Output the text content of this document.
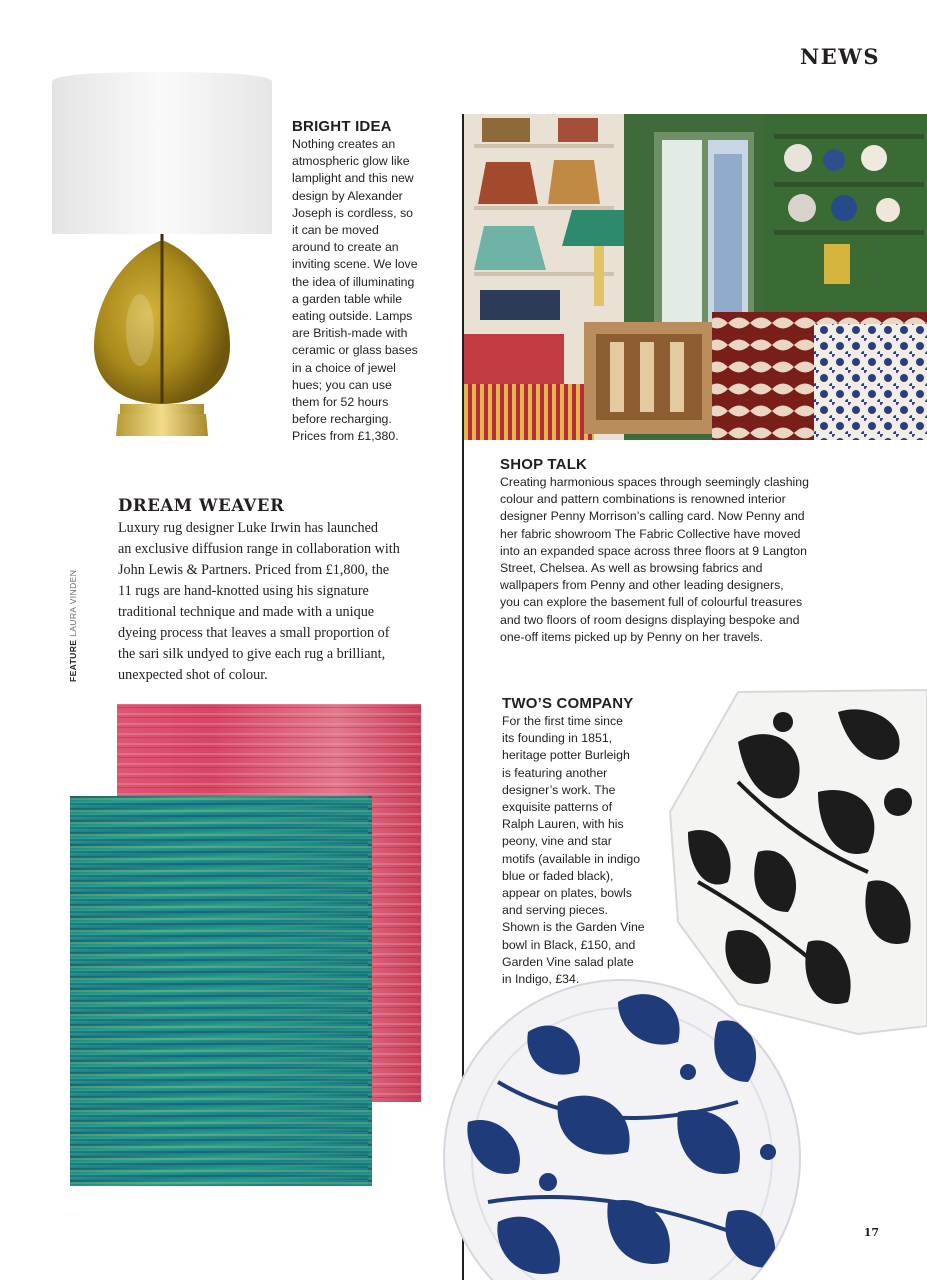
NEWS
FEATURE LAURA VINDEN
BRIGHT IDEA
Nothing creates an
atmospheric glow like
lamplight and this new
design by Alexander
Joseph is cordless, so
it can be moved
around to create an
inviting scene. We love
the idea of illuminating
a garden table while
eating outside. Lamps
are British-made with
ceramic or glass bases
in a choice of jewel
hues; you can use
them for 52 hours
before recharging.
Prices from £1,380.
DREAM WEAVER
Luxury rug designer Luke Irwin has launched
an exclusive diffusion range in collaboration with
John Lewis & Partners. Priced from £1,800, the
11 rugs are hand-knotted using his signature
traditional technique and made with a unique
dyeing process that leaves a small proportion of
the sari silk undyed to give each rug a brilliant,
unexpected shot of colour.
SHOP TALK
Creating harmonious spaces through seemingly clashing
colour and pattern combinations is renowned interior
designer Penny Morrison’s calling card. Now Penny and
her fabric showroom The Fabric Collective have moved
into an expanded space across three floors at 9 Langton
Street, Chelsea. As well as browsing fabrics and
wallpapers from Penny and other leading designers,
you can explore the basement full of colourful treasures
and two floors of room designs displaying bespoke and
one-off items picked up by Penny on her travels.
TWO’S COMPANY
For the first time since
its founding in 1851,
heritage potter Burleigh
is featuring another
designer’s work. The
exquisite patterns of
Ralph Lauren, with his
peony, vine and star
motifs (available in indigo
blue or faded black),
appear on plates, bowls
and serving pieces.
Shown is the Garden Vine
bowl in Black, £150, and
Garden Vine salad plate
in Indigo, £34.
17
